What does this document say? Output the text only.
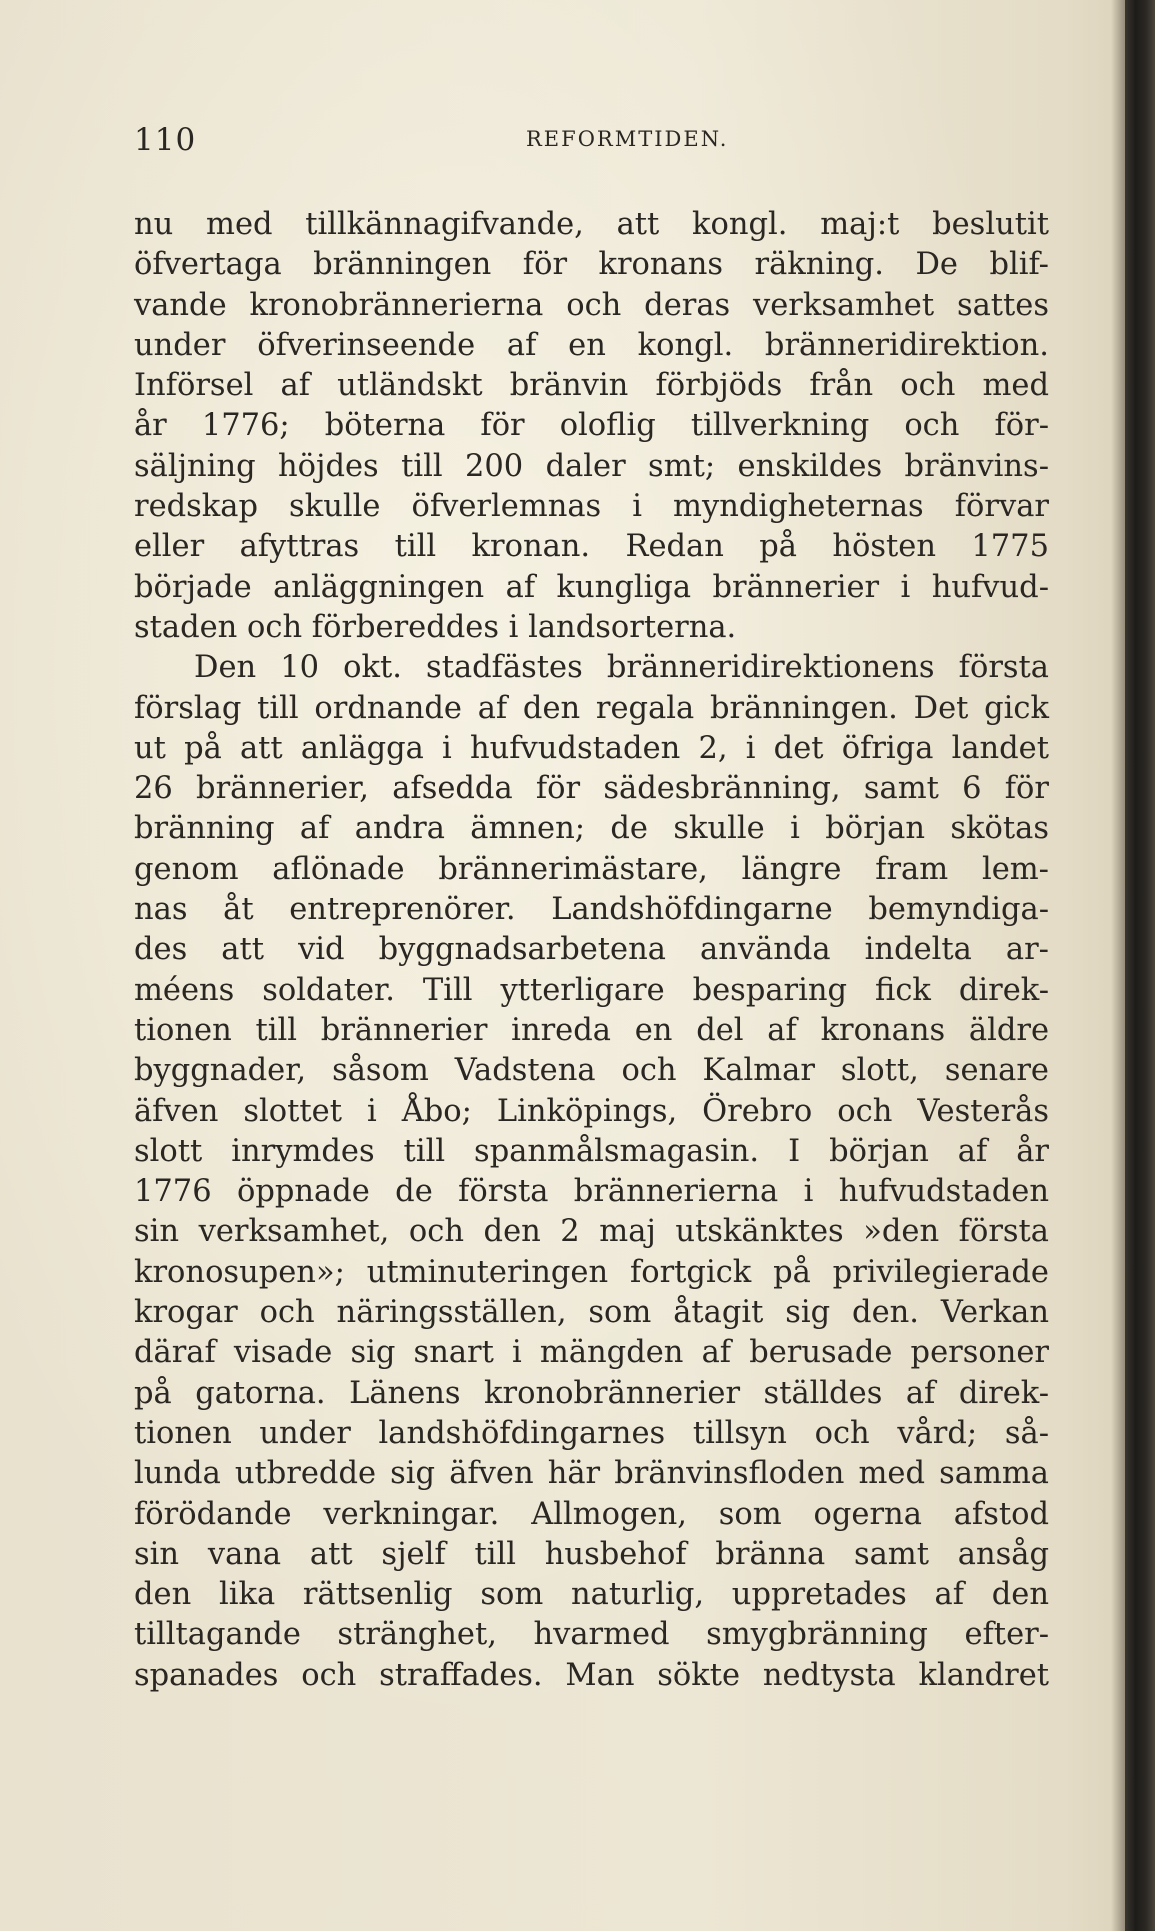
110	REFORMTIDEN.
nu med tillkännagifvande, att kongl. maj:t beslutit
öfvertaga bränningen för kronans räkning. De blif-
vande kronobrännerierna och deras verksamhet sattes
under öfverinseende af en kongl. bränneridirektion.
Införsel af utländskt bränvin förbjöds från och med
år 1776; böterna för oloflig tillverkning och för-
säljning höjdes till 200 daler smt; enskildes bränvins-
redskap skulle öfverlemnas i myndigheternas förvar
eller afyttras till kronan. Redan på hösten 1775
började anläggningen af kungliga brännerier i hufvud-
staden och förbereddes i landsorterna.
Den 10 okt. stadfästes bränneridirektionens första
förslag till ordnande af den regala bränningen. Det gick
ut på att anlägga i hufvudstaden 2, i det öfriga landet
26 brännerier, afsedda för sädesbränning, samt 6 för
bränning af andra ämnen; de skulle i början skötas
genom aflönade brännerimästare, längre fram lem-
nas åt entreprenörer. Landshöfdingarne bemyndiga-
des att vid byggnadsarbetena använda indelta ar-
méens soldater. Till ytterligare besparing fick direk-
tionen till brännerier inreda en del af kronans äldre
byggnader, såsom Vadstena och Kalmar slott, senare
äfven slottet i Åbo; Linköpings, Örebro och Vesterås
slott inrymdes till spanmålsmagasin. I början af år
1776 öppnade de första brännerierna i hufvudstaden
sin verksamhet, och den 2 maj utskänktes »den första
kronosupen»; utminuteringen fortgick på privilegierade
krogar och näringsställen, som åtagit sig den. Verkan
däraf visade sig snart i mängden af berusade personer
på gatorna. Länens kronobrännerier ställdes af direk-
tionen under landshöfdingarnes tillsyn och vård; så-
lunda utbredde sig äfven här bränvinsfloden med samma
förödande verkningar. Allmogen, som ogerna afstod
sin vana att sjelf till husbehof bränna samt ansåg
den lika rättsenlig som naturlig, uppretades af den
tilltagande stränghet, hvarmed smygbränning efter-
spanades och straffades. Man sökte nedtysta klandret
